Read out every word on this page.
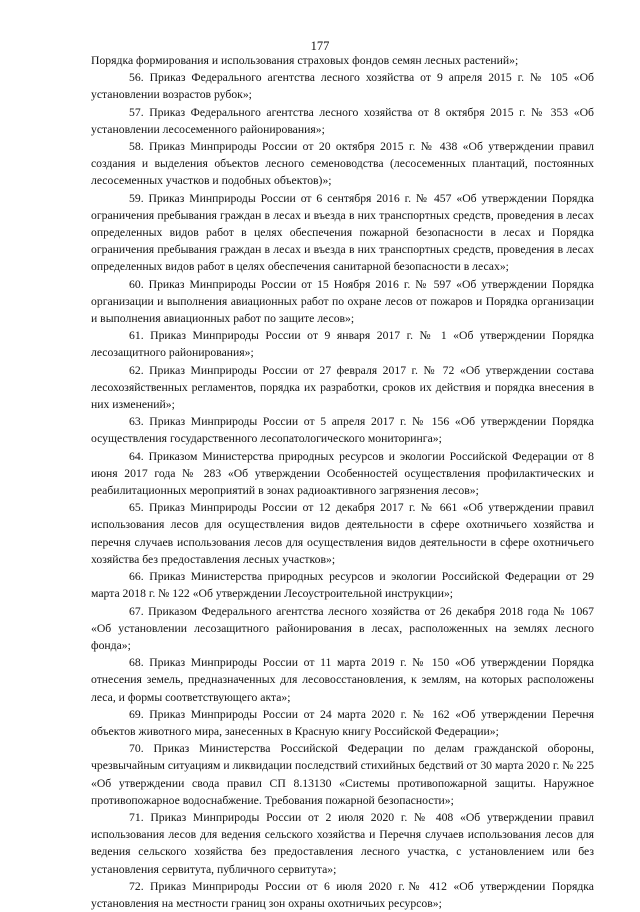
177

Порядка формирования и использования страховых фондов семян лесных растений»;

56. Приказ Федерального агентства лесного хозяйства от 9 апреля 2015 г. № 105 «Об установлении возрастов рубок»;

57. Приказ Федерального агентства лесного хозяйства от 8 октября 2015 г. № 353 «Об установлении лесосеменного районирования»;

58. Приказ Минприроды России от 20 октября 2015 г. № 438 «Об утверждении правил создания и выделения объектов лесного семеноводства (лесосеменных плантаций, постоянных лесосеменных участков и подобных объектов)»;

59. Приказ Минприроды России от 6 сентября 2016 г. № 457 «Об утверждении Порядка ограничения пребывания граждан в лесах и въезда в них транспортных средств, проведения в лесах определенных видов работ в целях обеспечения пожарной безопасности в лесах и Порядка ограничения пребывания граждан в лесах и въезда в них транспортных средств, проведения в лесах определенных видов работ в целях обеспечения санитарной безопасности в лесах»;

60. Приказ Минприроды России от 15 Ноября 2016 г. № 597 «Об утверждении Порядка организации и выполнения авиационных работ по охране лесов от пожаров и Порядка организации и выполнения авиационных работ по защите лесов»;

61. Приказ Минприроды России от 9 января 2017 г. № 1 «Об утверждении Порядка лесозащитного районирования»;

62. Приказ Минприроды России от 27 февраля 2017 г. № 72 «Об утверждении состава лесохозяйственных регламентов, порядка их разработки, сроков их действия и порядка внесения в них изменений»;

63. Приказ Минприроды России от 5 апреля 2017 г. № 156 «Об утверждении Порядка осуществления государственного лесопатологического мониторинга»;

64. Приказом Министерства природных ресурсов и экологии Российской Федерации от 8 июня 2017 года № 283 «Об утверждении Особенностей осуществления профилактических и реабилитационных мероприятий в зонах радиоактивного загрязнения лесов»;

65. Приказ Минприроды России от 12 декабря 2017 г. № 661 «Об утверждении правил использования лесов для осуществления видов деятельности в сфере охотничьего хозяйства и перечня случаев использования лесов для осуществления видов деятельности в сфере охотничьего хозяйства без предоставления лесных участков»;

66. Приказ Министерства природных ресурсов и экологии Российской Федерации от 29 марта 2018 г. № 122 «Об утверждении Лесоустроительной инструкции»;

67. Приказом Федерального агентства лесного хозяйства от 26 декабря 2018 года № 1067 «Об установлении лесозащитного районирования в лесах, расположенных на землях лесного фонда»;

68. Приказ Минприроды России от 11 марта 2019 г. № 150 «Об утверждении Порядка отнесения земель, предназначенных для лесовосстановления, к землям, на которых расположены леса, и формы соответствующего акта»;

69. Приказ Минприроды России от 24 марта 2020 г. № 162 «Об утверждении Перечня объектов животного мира, занесенных в Красную книгу Российской Федерации»;

70. Приказ Министерства Российской Федерации по делам гражданской обороны, чрезвычайным ситуациям и ликвидации последствий стихийных бедствий от 30 марта 2020 г. № 225 «Об утверждении свода правил СП 8.13130 «Системы противопожарной защиты. Наружное противопожарное водоснабжение. Требования пожарной безопасности»;

71. Приказ Минприроды России от 2 июля 2020 г. № 408 «Об утверждении правил использования лесов для ведения сельского хозяйства и Перечня случаев использования лесов для ведения сельского хозяйства без предоставления лесного участка, с установлением или без установления сервитута, публичного сервитута»;

72. Приказ Минприроды России от 6 июля 2020 г.№ 412 «Об утверждении Порядка установления на местности границ зон охраны охотничьих ресурсов»;
